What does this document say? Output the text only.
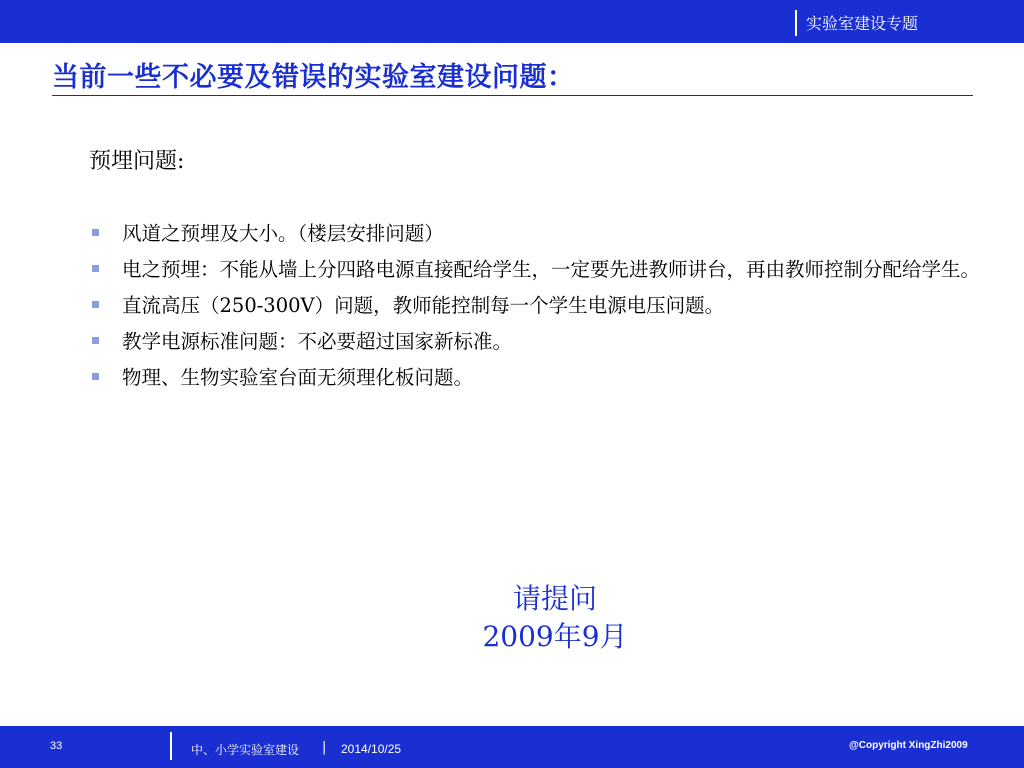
实验室建设专题
当前一些不必要及错误的实验室建设问题：
预埋问题:
风道之预埋及大小。（楼层安排问题）
电之预埋：不能从墙上分四路电源直接配给学生，一定要先进教师讲台，再由教师控制分配给学生。
直流高压（250-300V）问题，教师能控制每一个学生电源电压问题。
教学电源标准问题：不必要超过国家新标准。
物理、生物实验室台面无须理化板问题。
请提问
2009年9月
33	中、小学实验室建设 | 2014/10/25	@Copyright XingZhi2009
